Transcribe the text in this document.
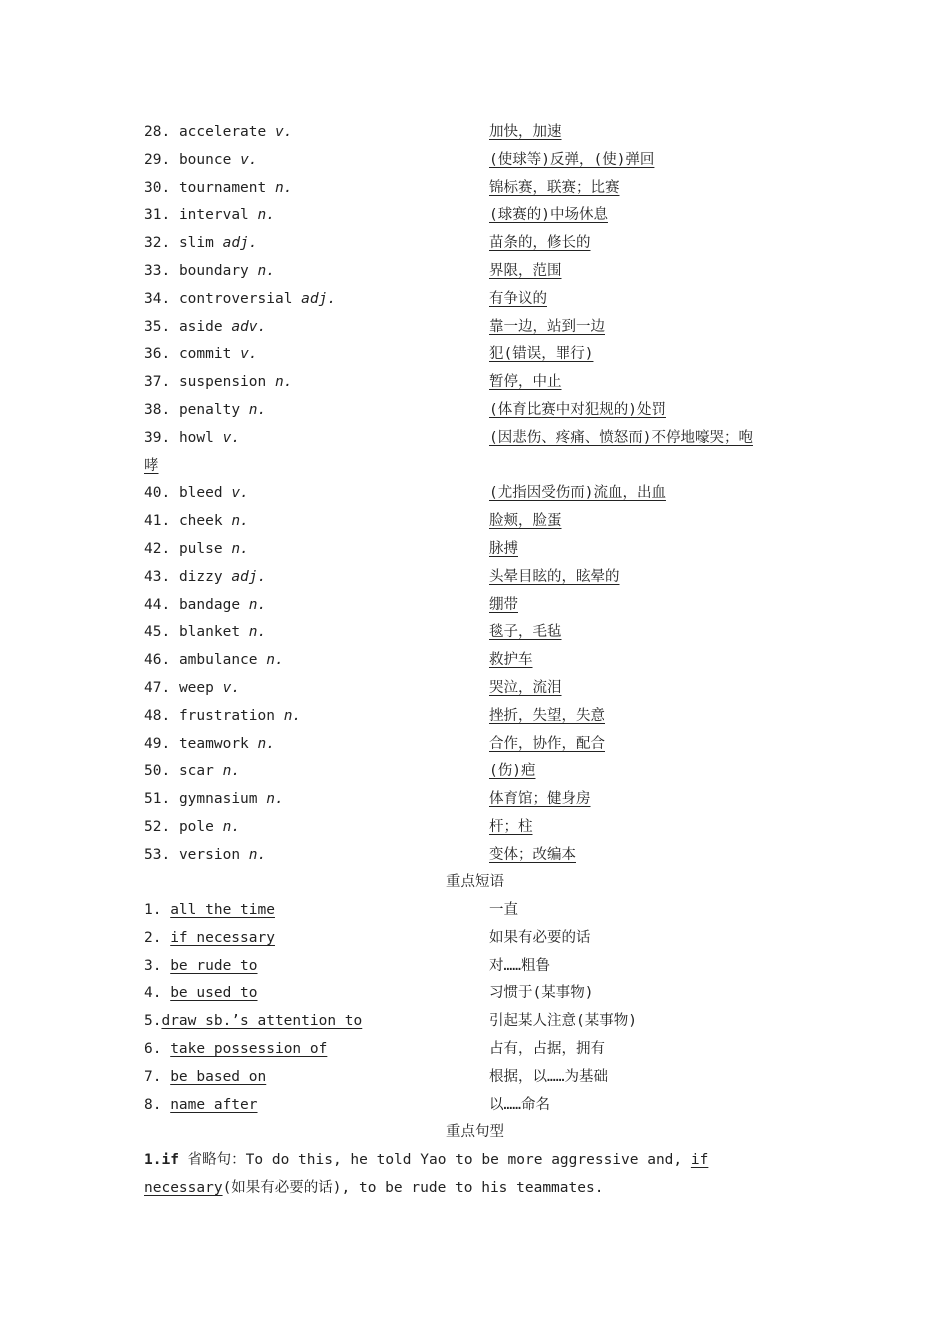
28. accelerate v.	加快，加速
29. bounce v.	(使球等)反弹，(使)弹回
30. tournament n.	锦标赛，联赛；比赛
31. interval n.	(球赛的)中场休息
32. slim adj.	苗条的，修长的
33. boundary n.	界限，范围
34. controversial adj.	有争议的
35. aside adv.	靠一边，站到一边
36. commit v.	犯(错误，罪行)
37. suspension n.	暂停，中止
38. penalty n.	(体育比赛中对犯规的)处罚
39. howl v.	(因悲伤、疼痛、愤怒而)不停地嚎哭；咆
哮
40. bleed v.	(尤指因受伤而)流血，出血
41. cheek n.	脸颊，脸蛋
42. pulse n.	脉搏
43. dizzy adj.	头晕目眩的，眩晕的
44. bandage n.	绷带
45. blanket n.	毯子，毛毡
46. ambulance n.	救护车
47. weep v.	哭泣，流泪
48. frustration n.	挫折，失望，失意
49. teamwork n.	合作，协作，配合
50. scar n.	(伤)疤
51. gymnasium n.	体育馆；健身房
52. pole n.	杆；柱
53. version n.	变体；改编本
重点短语
1. all the time	一直
2. if necessary	如果有必要的话
3. be rude to	对……粗鲁
4. be used to	习惯于(某事物)
5.draw sb.’s attention to	引起某人注意(某事物)
6. take possession of	占有，占据，拥有
7. be based on	根据，以……为基础
8. name after	以……命名
重点句型
1.if 省略句：To do this, he told Yao to be more aggressive and, if necessary(如果有必要的话), to be rude to his teammates.
